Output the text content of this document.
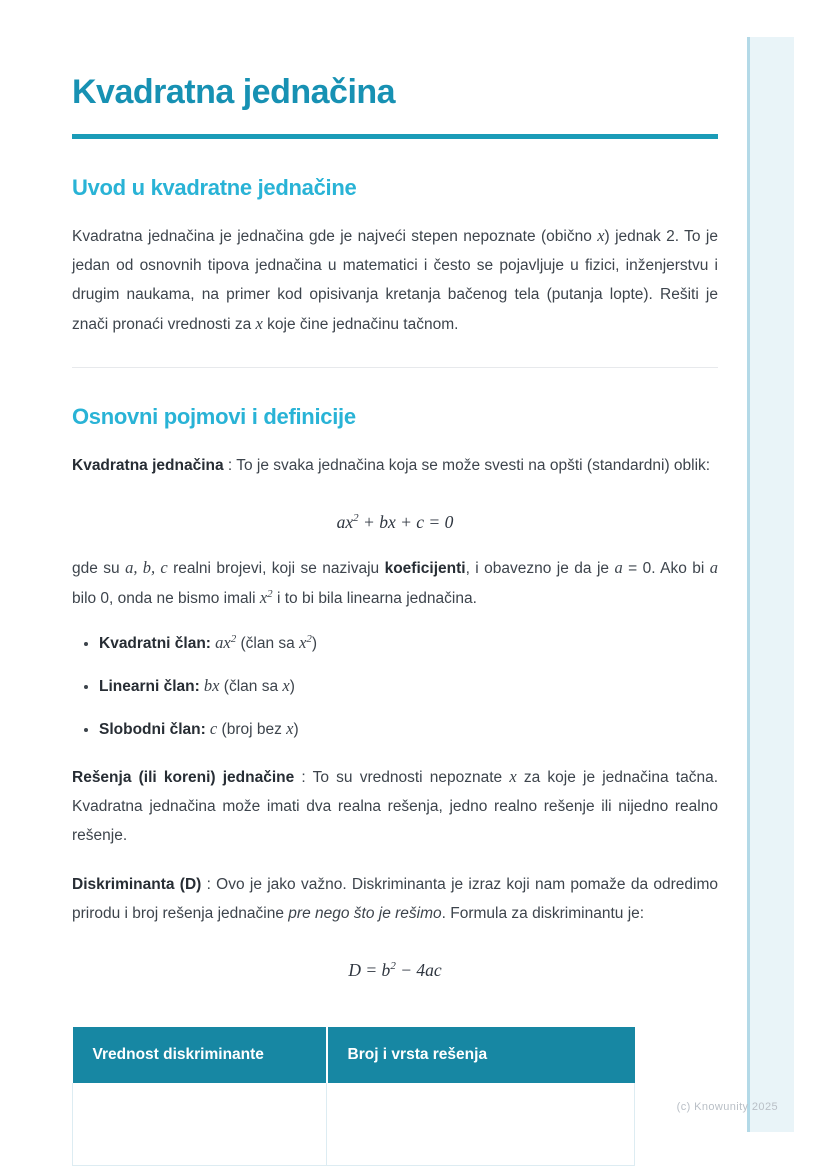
Kvadratna jednačina
Uvod u kvadratne jednačine

Kvadratna jednačina je jednačina gde je najveći stepen nepoznate (obično x) jednak 2. To je jedan od osnovnih tipova jednačina u matematici i često se pojavljuje u fizici, inženjerstvu i drugim naukama, na primer kod opisivanja kretanja bačenog tela (putanja lopte). Rešiti je znači pronaći vrednosti za x koje čine jednačinu tačnom.

Osnovni pojmovi i definicije

Kvadratna jednačina : To je svaka jednačina koja se može svesti na opšti (standardni) oblik:

$ax^2$ + bx + c = 0

gde su a, b, c realni brojevi, koji se nazivaju koeficijenti, i obavezno je da je a = 0. Ako bi a bilo 0, onda ne bismo imali $x^2$ i to bi bila linearna jednačina.

• Kvadratni član: $ax^2$ (član sa $x^2$)
• Linearni član: bx (član sa x)
• Slobodni član: c (broj bez x)

Rešenja (ili koreni) jednačine : To su vrednosti nepoznate x za koje je jednačina tačna. Kvadratna jednačina može imati dva realna rešenja, jedno realno rešenje ili nijedno realno rešenje.

Diskriminanta (D) : Ovo je jako važno. Diskriminanta je izraz koji nam pomaže da odredimo prirodu i broj rešenja jednačine pre nego što je rešimo. Formula za diskriminantu je:

$D = b^2 - 4ac$

Vrednost diskriminante	Broj i vrsta rešenja

(c) Knowunity 2025
